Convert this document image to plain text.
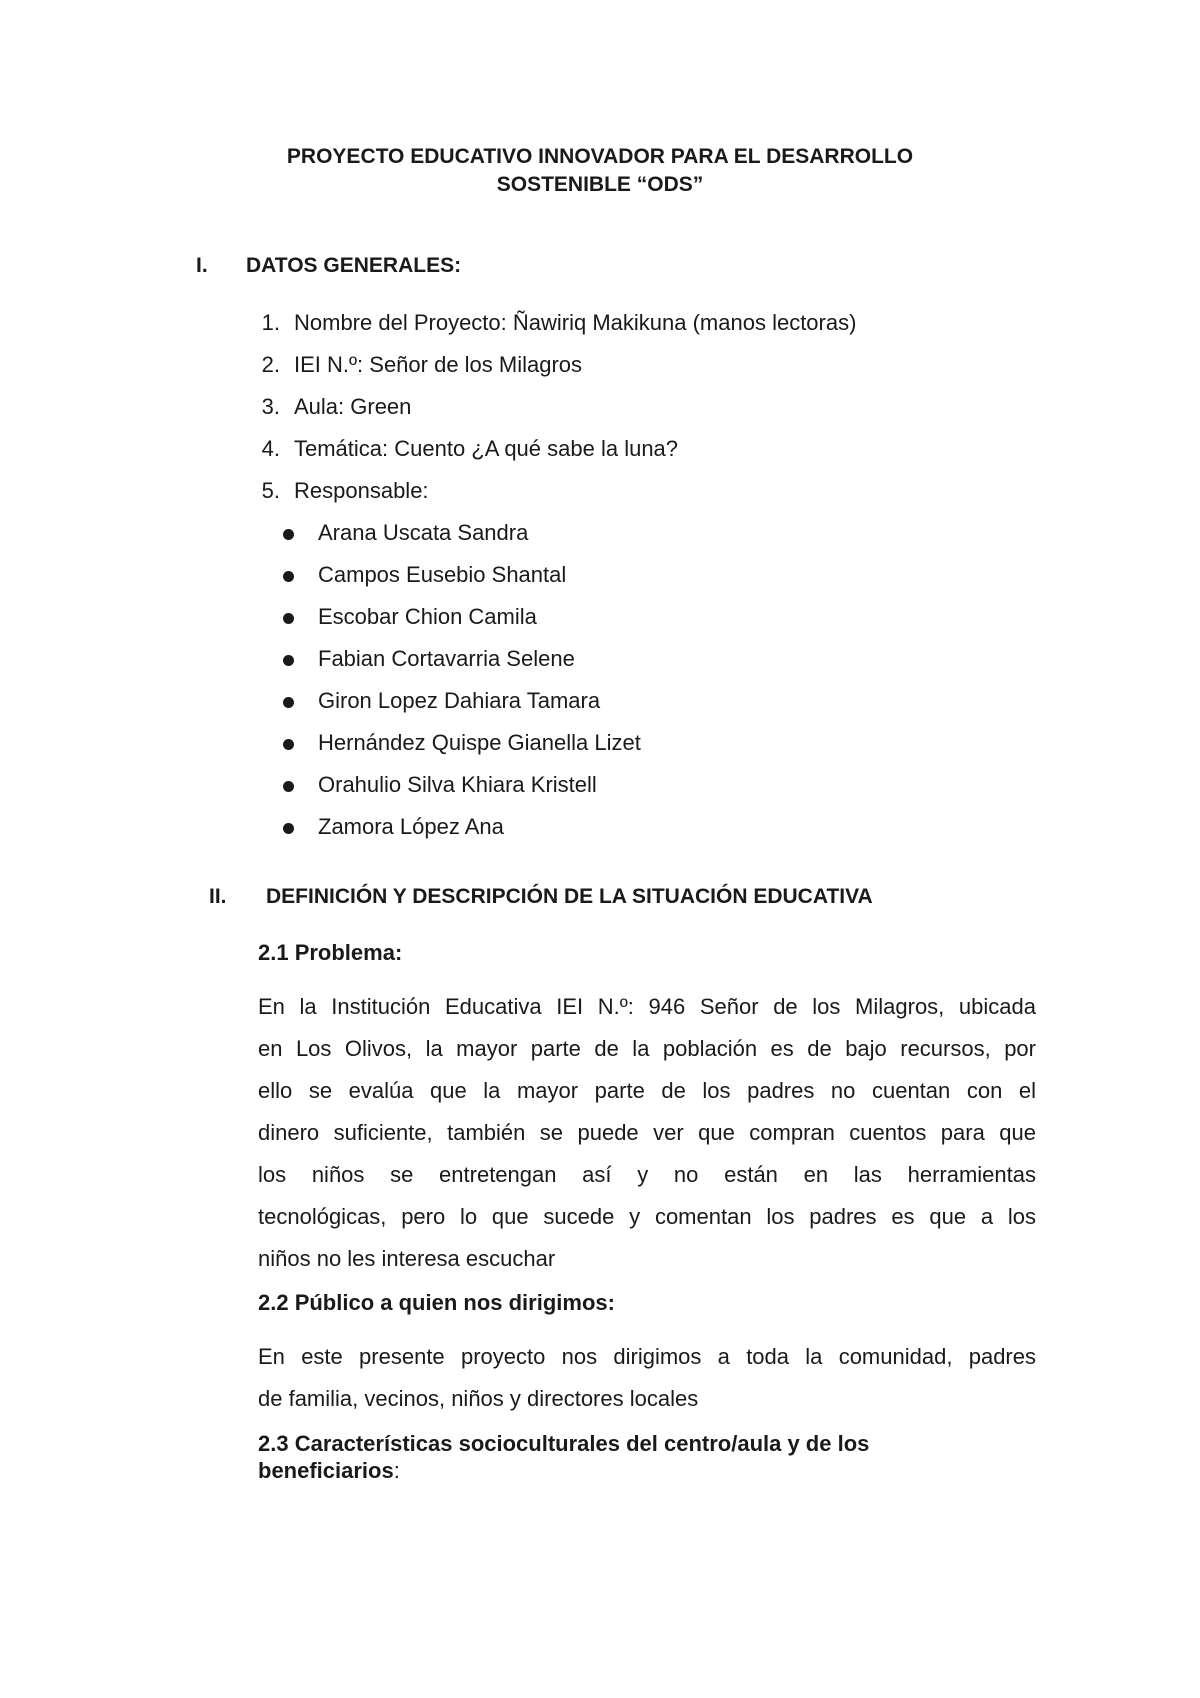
PROYECTO EDUCATIVO INNOVADOR PARA EL DESARROLLO
SOSTENIBLE “ODS”
I. DATOS GENERALES:
1. Nombre del Proyecto: Ñawiriq Makikuna (manos lectoras)
2. IEI N.º: Señor de los Milagros
3. Aula: Green
4. Temática: Cuento ¿A qué sabe la luna?
5. Responsable:
Arana Uscata Sandra
Campos Eusebio Shantal
Escobar Chion Camila
Fabian Cortavarria Selene
Giron Lopez Dahiara Tamara
Hernández Quispe Gianella Lizet
Orahulio Silva Khiara Kristell
Zamora López Ana
II. DEFINICIÓN Y DESCRIPCIÓN DE LA SITUACIÓN EDUCATIVA
2.1 Problema:
En la Institución Educativa IEI N.º: 946 Señor de los Milagros, ubicada
en Los Olivos, la mayor parte de la población es de bajo recursos, por
ello se evalúa que la mayor parte de los padres no cuentan con el
dinero suficiente, también se puede ver que compran cuentos para que
los niños se entretengan así y no están en las herramientas
tecnológicas, pero lo que sucede y comentan los padres es que a los
niños no les interesa escuchar
2.2 Público a quien nos dirigimos:
En este presente proyecto nos dirigimos a toda la comunidad, padres
de familia, vecinos, niños y directores locales
2.3 Características socioculturales del centro/aula y de los
beneficiarios:
